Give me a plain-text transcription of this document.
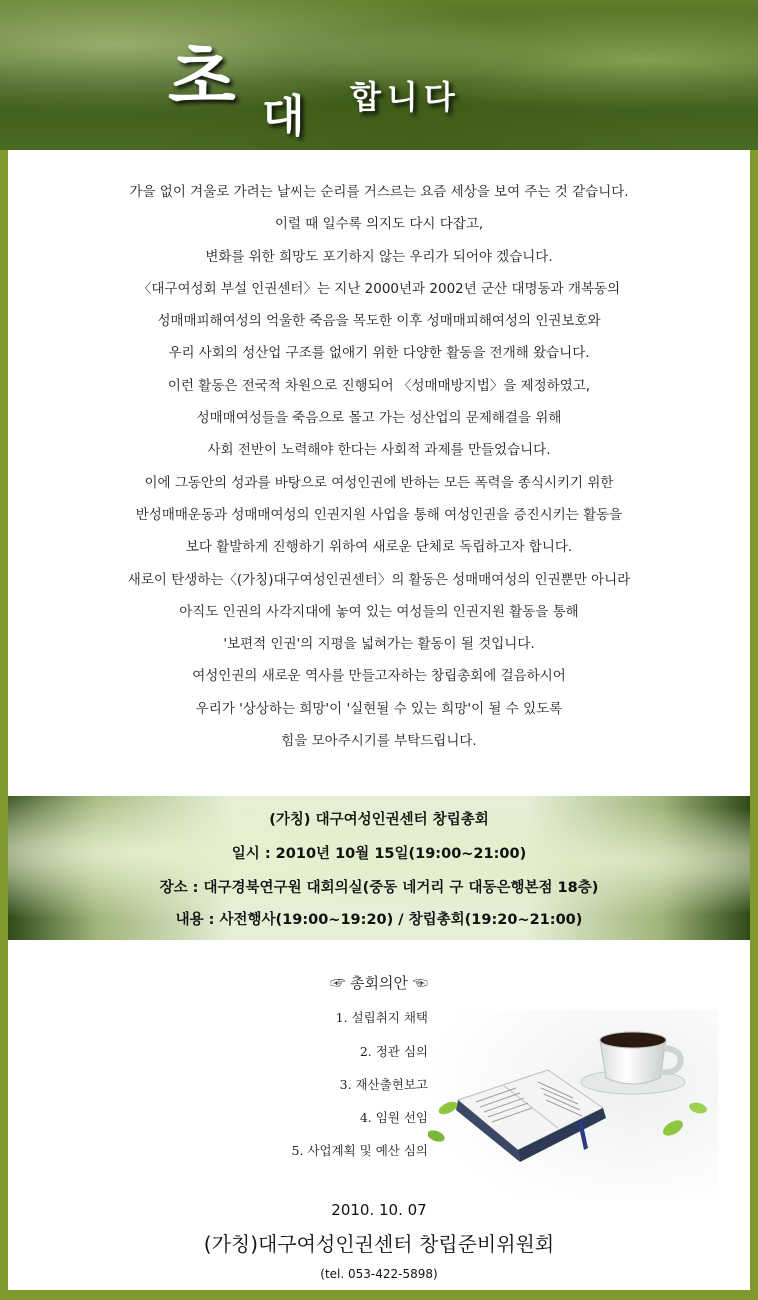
초 대 합니다
가을 없이 겨울로 가려는 날씨는 순리를 거스르는 요즘 세상을 보여 주는 것 같습니다.
이럴 때 일수록 의지도 다시 다잡고,
변화를 위한 희망도 포기하지 않는 우리가 되어야 겠습니다.
〈대구여성회 부설 인권센터〉는 지난 2000년과 2002년 군산 대명동과 개복동의
성매매피해여성의 억울한 죽음을 목도한 이후 성매매피해여성의 인권보호와
우리 사회의 성산업 구조를 없애기 위한 다양한 활동을 전개해 왔습니다.
이런 활동은 전국적 차원으로 진행되어 〈성매매방지법〉을 제정하였고,
성매매여성들을 죽음으로 몰고 가는 성산업의 문제해결을 위해
사회 전반이 노력해야 한다는 사회적 과제를 만들었습니다.
이에 그동안의 성과를 바탕으로 여성인권에 반하는 모든 폭력을 종식시키기 위한
반성매매운동과 성매매여성의 인권지원 사업을 통해 여성인권을 증진시키는 활동을
보다 활발하게 진행하기 위하여 새로운 단체로 독립하고자 합니다.
새로이 탄생하는〈(가칭)대구여성인권센터〉의 활동은 성매매여성의 인권뿐만 아니라
아직도 인권의 사각지대에 놓여 있는 여성들의 인권지원 활동을 통해
'보편적 인권'의 지평을 넓혀가는 활동이 될 것입니다.
여성인권의 새로운 역사를 만들고자하는 창립총회에 걸음하시어
우리가 '상상하는 희망'이 '실현될 수 있는 희망'이 될 수 있도록
힘을 모아주시기를 부탁드립니다.
(가칭) 대구여성인권센터 창립총회
일시 : 2010년 10월 15일(19:00~21:00)
장소 : 대구경북연구원 대회의실(중동 네거리 구 대동은행본점 18층)
내용 : 사전행사(19:00~19:20) / 창립총회(19:20~21:00)
☞ 총회의안 ☜
1. 설립취지 채택
2. 정관 심의
3. 재산출현보고
4. 임원 선임
5. 사업계획 및 예산 심의
2010. 10. 07
(가칭)대구여성인권센터 창립준비위원회
(tel. 053-422-5898)
